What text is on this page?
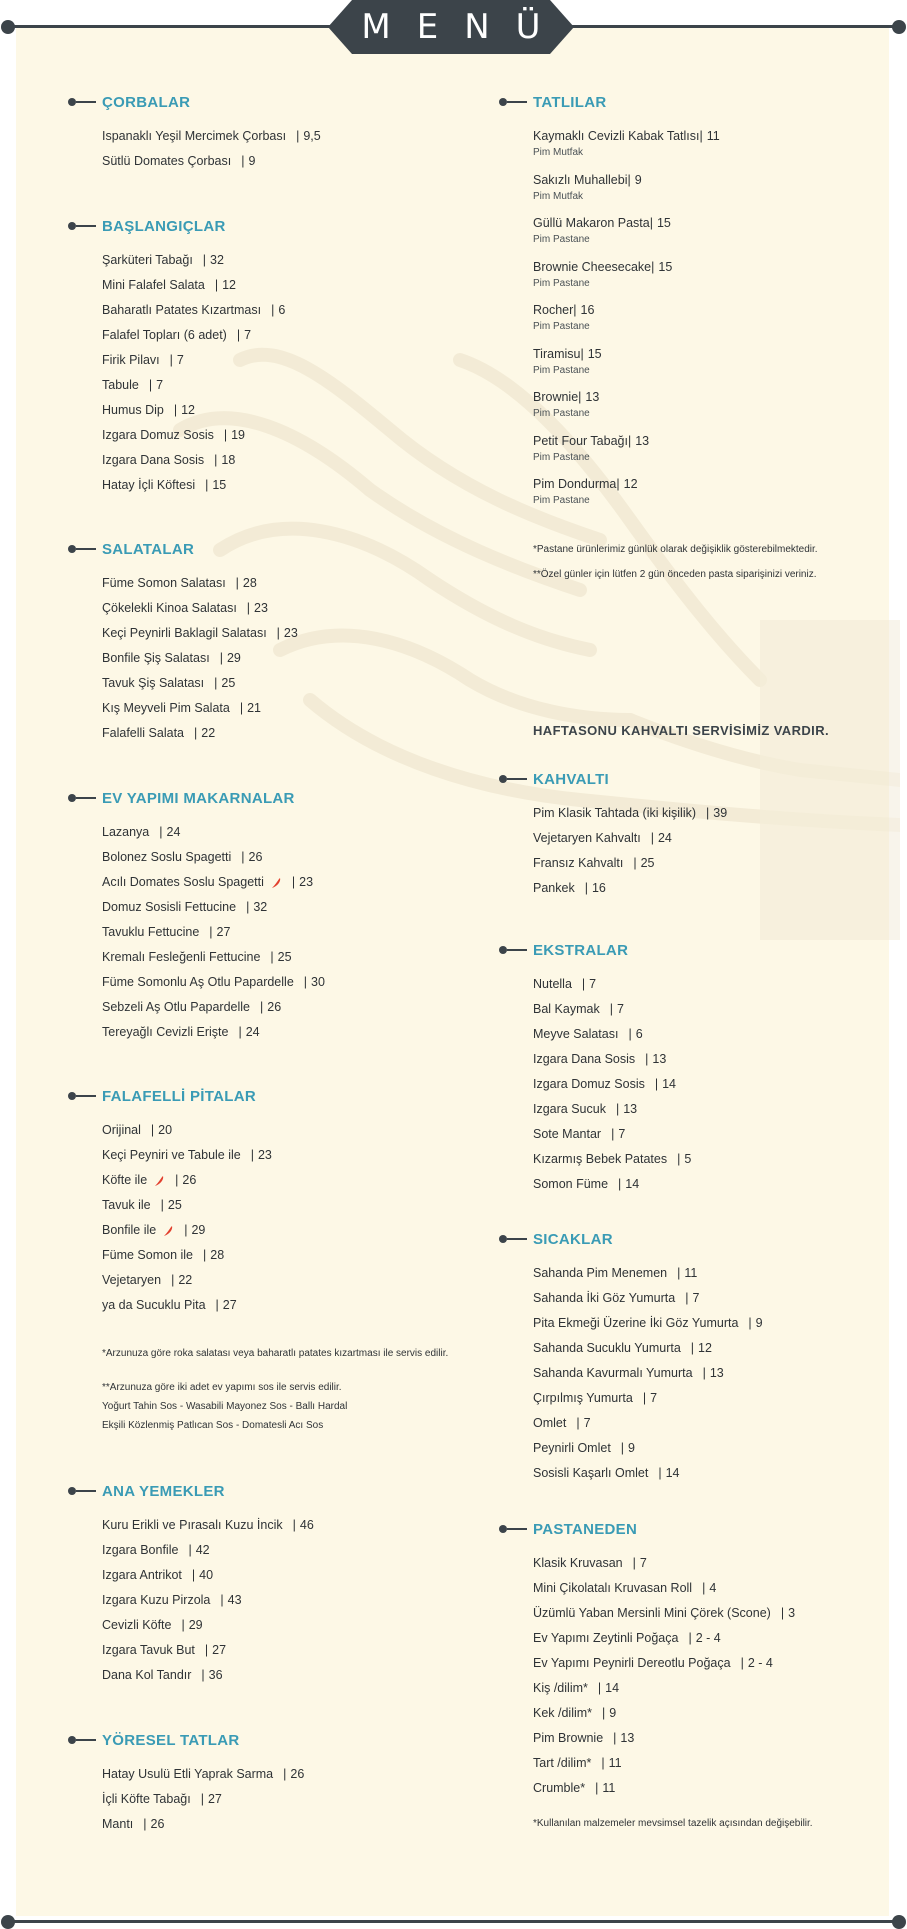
MENÜ
ÇORBALAR
Ispanaklı Yeşil Mercimek Çorbası | 9,5
Sütlü Domates Çorbası | 9
BAŞLANGIÇLAR
Şarküteri Tabağı | 32
Mini Falafel Salata | 12
Baharatlı Patates Kızartması | 6
Falafel Topları (6 adet) | 7
Firik Pilavı | 7
Tabule | 7
Humus Dip | 12
Izgara Domuz Sosis | 19
Izgara Dana Sosis | 18
Hatay İçli Köftesi | 15
SALATALAR
Füme Somon Salatası | 28
Çökelekli Kinoa Salatası | 23
Keçi Peynirli Baklagil Salatası | 23
Bonfile Şiş Salatası | 29
Tavuk Şiş Salatası | 25
Kış Meyveli Pim Salata | 21
Falafelli Salata | 22
EV YAPIMI MAKARNALAR
Lazanya | 24
Bolonez Soslu Spagetti | 26
Acılı Domates Soslu Spagetti | 23
Domuz Sosisli Fettucine | 32
Tavuklu Fettucine | 27
Kremalı Fesleğenli Fettucine | 25
Füme Somonlu Aş Otlu Papardelle | 30
Sebzeli Aş Otlu Papardelle | 26
Tereyağlı Cevizli Erişte | 24
FALAFELLİ PİTALAR
Orijinal | 20
Keçi Peyniri ve Tabule ile | 23
Köfte ile | 26
Tavuk ile | 25
Bonfile ile | 29
Füme Somon ile | 28
Vejetaryen | 22
ya da Sucuklu Pita | 27
ANA YEMEKLER
Kuru Erikli ve Pırasalı Kuzu İncik | 46
Izgara Bonfile | 42
Izgara Antrikot | 40
Izgara Kuzu Pirzola | 43
Cevizli Köfte | 29
Izgara Tavuk But | 27
Dana Kol Tandır | 36
YÖRESEL TATLAR
Hatay Usulü Etli Yaprak Sarma | 26
İçli Köfte Tabağı | 27
Mantı | 26
*Arzunuza göre roka salatası veya baharatlı patates kızartması ile servis edilir.
**Arzunuza göre iki adet ev yapımı sos ile servis edilir.
Yoğurt Tahin Sos - Wasabili Mayonez Sos - Ballı Hardal
Ekşili Közlenmiş Patlıcan Sos - Domatesli Acı Sos
TATLILAR
Kaymaklı Cevizli Kabak Tatlısı| 11
Pim Mutfak
Sakızlı Muhallebi| 9
Pim Mutfak
Güllü Makaron Pasta| 15
Pim Pastane
Brownie Cheesecake| 15
Pim Pastane
Rocher| 16
Pim Pastane
Tiramisu| 15
Pim Pastane
Brownie| 13
Pim Pastane
Petit Four Tabağı| 13
Pim Pastane
Pim Dondurma| 12
Pim Pastane
*Pastane ürünlerimiz günlük olarak değişiklik gösterebilmektedir.
**Özel günler için lütfen 2 gün önceden pasta siparişinizi veriniz.
HAFTASONU KAHVALTI SERVİSİMİZ VARDIR.
KAHVALTI
Pim Klasik Tahtada (iki kişilik) | 39
Vejetaryen Kahvaltı | 24
Fransız Kahvaltı | 25
Pankek | 16
EKSTRALAR
Nutella | 7
Bal Kaymak | 7
Meyve Salatası | 6
Izgara Dana Sosis | 13
Izgara Domuz Sosis | 14
Izgara Sucuk | 13
Sote Mantar | 7
Kızarmış Bebek Patates | 5
Somon Füme | 14
SICAKLAR
Sahanda Pim Menemen | 11
Sahanda İki Göz Yumurta | 7
Pita Ekmeği Üzerine İki Göz Yumurta | 9
Sahanda Sucuklu Yumurta | 12
Sahanda Kavurmalı Yumurta | 13
Çırpılmış Yumurta | 7
Omlet | 7
Peynirli Omlet | 9
Sosisli Kaşarlı Omlet | 14
PASTANEDEN
Klasik Kruvasan | 7
Mini Çikolatalı Kruvasan Roll | 4
Üzümlü Yaban Mersinli Mini Çörek (Scone) | 3
Ev Yapımı Zeytinli Poğaça | 2 - 4
Ev Yapımı Peynirli Dereotlu Poğaça | 2 - 4
Kiş /dilim* | 14
Kek /dilim* | 9
Pim Brownie | 13
Tart /dilim* | 11
Crumble* | 11
*Kullanılan malzemeler mevsimsel tazelik açısından değişebilir.
